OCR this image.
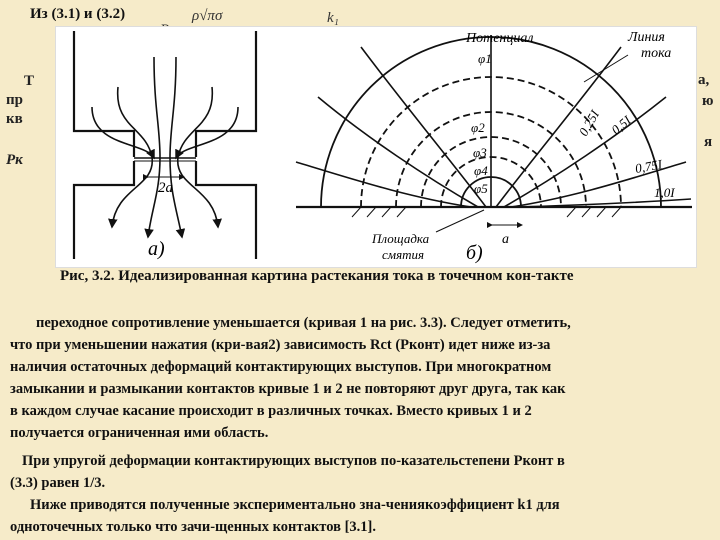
Из (3.1) и (3.2)	ρ√πσ	k₁
Т
пр
кв
Рк
а,
ю
я
2a
а)
Потенциал
φ1
φ2
φ3
φ4
φ5
Линия
тока
0,25I 0,5I
0,75I
1,0I
a
Площадка
смятия б)
Рис, 3.2. Идеализированная картина растекания тока в точечном кон-такте
переходное сопротивление уменьшается (кривая 1 на рис. 3.3). Следует отметить,
что при уменьшении нажатия (кри-вая2) зависимость Rct (Рконт) идет ниже из-за
наличия остаточных деформаций контактирующих выступов. При многократном
замыкании и размыкании контактов кривые 1 и 2 не повторяют друг друга, так как
в каждом случае касание происходит в различных точках. Вместо кривых 1 и 2
получается ограниченная ими область.
При упругой деформации контактирующих выступов по-казательстепени Рконт в
(3.3) равен 1/3.
Ниже приводятся полученные экспериментально зна-чениякоэффициент k1 для
одноточечных только что зачи-щенных контактов [3.1].
